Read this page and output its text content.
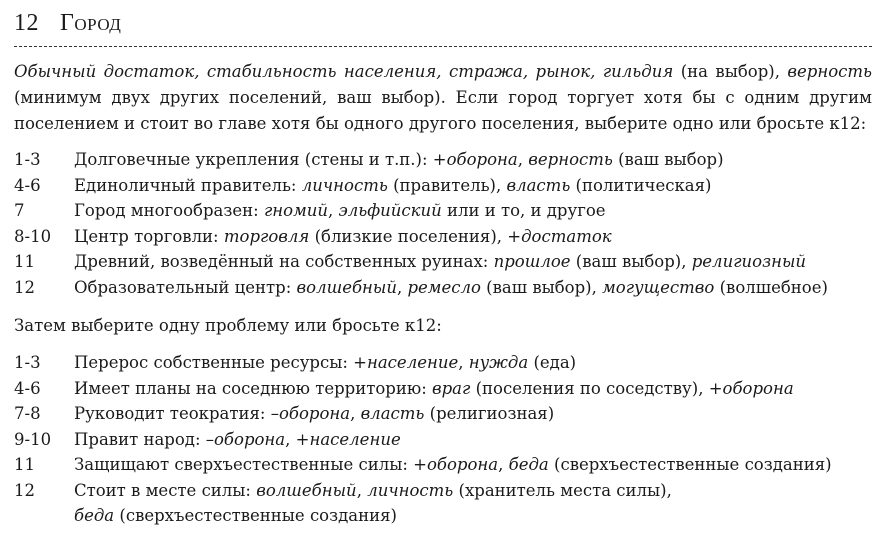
12 Город
Обычный достаток, стабильность населения, стража, рынок, гильдия (на выбор), верность (минимум двух других поселений, ваш выбор). Если город торгует хотя бы с одним другим поселением и стоит во главе хотя бы одного другого поселения, выберите одно или бросьте к12:
1-3	Долговечные укрепления (стены и т.п.): +оборона, верность (ваш выбор)
4-6	Единоличный правитель: личность (правитель), власть (политическая)
7	Город многообразен: гномий, эльфийский или и то, и другое
8-10	Центр торговли: торговля (близкие поселения), +достаток
11	Древний, возведённый на собственных руинах: прошлое (ваш выбор), религиозный
12	Образовательный центр: волшебный, ремесло (ваш выбор), могущество (волшебное)
Затем выберите одну проблему или бросьте к12:
1-3	Перерос собственные ресурсы: +население, нужда (еда)
4-6	Имеет планы на соседнюю территорию: враг (поселения по соседству), +оборона
7-8	Руководит теократия: –оборона, власть (религиозная)
9-10	Правит народ: –оборона, +население
11	Защищают сверхъестественные силы: +оборона, беда (сверхъестественные создания)
12	Стоит в месте силы: волшебный, личность (хранитель места силы),
беда (сверхъестественные создания)
